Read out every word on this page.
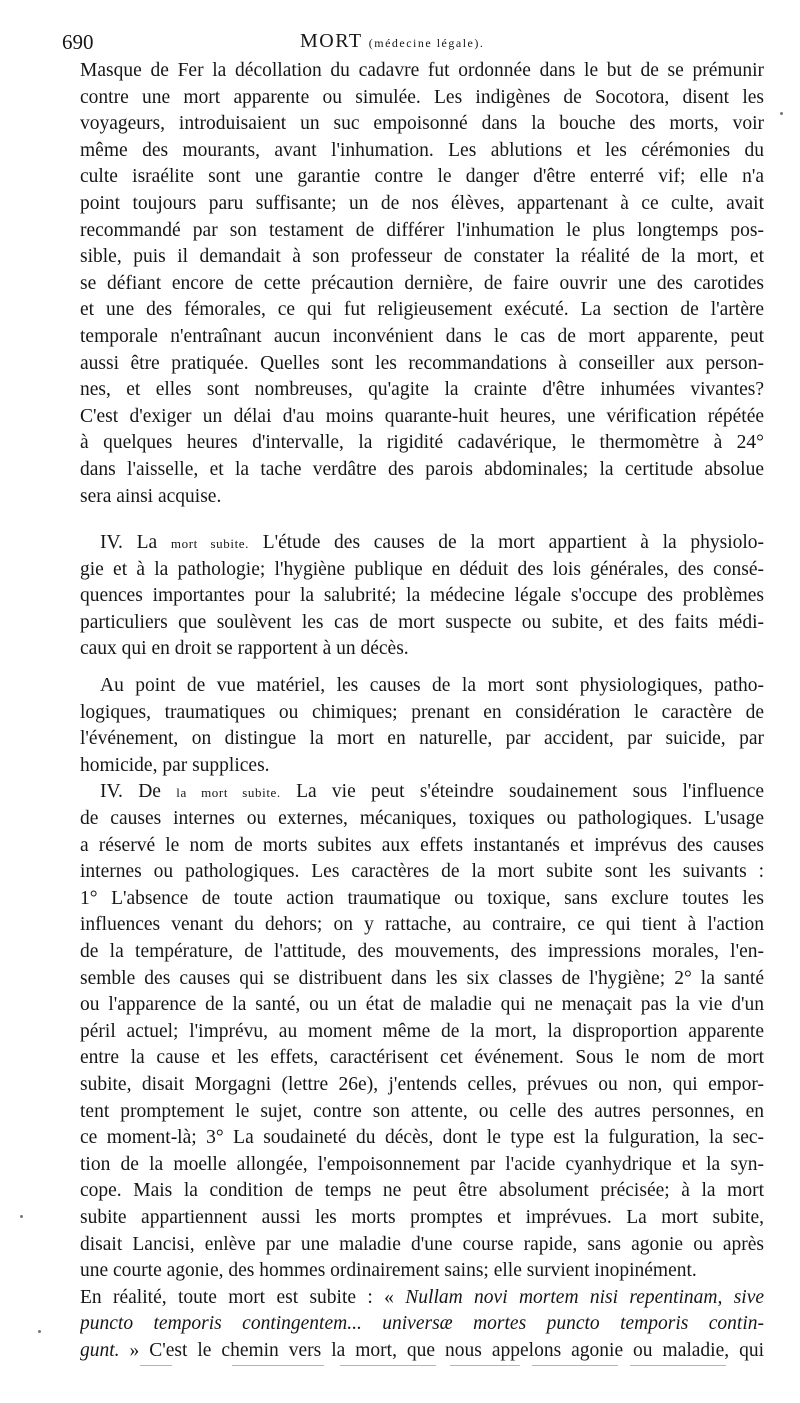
690	MORT (médecine légale).
Masque de Fer la décollation du cadavre fut ordonnée dans le but de se prémunir
contre une mort apparente ou simulée. Les indigènes de Socotora, disent les
voyageurs, introduisaient un suc empoisonné dans la bouche des morts, voir
même des mourants, avant l'inhumation. Les ablutions et les cérémonies du
culte israélite sont une garantie contre le danger d'être enterré vif; elle n'a
point toujours paru suffisante; un de nos élèves, appartenant à ce culte, avait
recommandé par son testament de différer l'inhumation le plus longtemps pos-
sible, puis il demandait à son professeur de constater la réalité de la mort, et
se défiant encore de cette précaution dernière, de faire ouvrir une des carotides
et une des fémorales, ce qui fut religieusement exécuté. La section de l'artère
temporale n'entraînant aucun inconvénient dans le cas de mort apparente, peut
aussi être pratiquée. Quelles sont les recommandations à conseiller aux person-
nes, et elles sont nombreuses, qu'agite la crainte d'être inhumées vivantes?
C'est d'exiger un délai d'au moins quarante-huit heures, une vérification répétée
à quelques heures d'intervalle, la rigidité cadavérique, le thermomètre à 24°
dans l'aisselle, et la tache verdâtre des parois abdominales; la certitude absolue
sera ainsi acquise.
IV. La mort subite. L'étude des causes de la mort appartient à la physiolo-
gie et à la pathologie; l'hygiène publique en déduit des lois générales, des consé-
quences importantes pour la salubrité; la médecine légale s'occupe des problèmes
particuliers que soulèvent les cas de mort suspecte ou subite, et des faits médi-
caux qui en droit se rapportent à un décès.
Au point de vue matériel, les causes de la mort sont physiologiques, patho-
logiques, traumatiques ou chimiques; prenant en considération le caractère de
l'événement, on distingue la mort en naturelle, par accident, par suicide, par
homicide, par supplices.
IV. De la mort subite. La vie peut s'éteindre soudainement sous l'influence
de causes internes ou externes, mécaniques, toxiques ou pathologiques. L'usage
a réservé le nom de morts subites aux effets instantanés et imprévus des causes
internes ou pathologiques. Les caractères de la mort subite sont les suivants :
1° L'absence de toute action traumatique ou toxique, sans exclure toutes les
influences venant du dehors; on y rattache, au contraire, ce qui tient à l'action
de la température, de l'attitude, des mouvements, des impressions morales, l'en-
semble des causes qui se distribuent dans les six classes de l'hygiène; 2° la santé
ou l'apparence de la santé, ou un état de maladie qui ne menaçait pas la vie d'un
péril actuel; l'imprévu, au moment même de la mort, la disproportion apparente
entre la cause et les effets, caractérisent cet événement. Sous le nom de mort
subite, disait Morgagni (lettre 26e), j'entends celles, prévues ou non, qui empor-
tent promptement le sujet, contre son attente, ou celle des autres personnes, en
ce moment-là; 3° La soudaineté du décès, dont le type est la fulguration, la sec-
tion de la moelle allongée, l'empoisonnement par l'acide cyanhydrique et la syn-
cope. Mais la condition de temps ne peut être absolument précisée; à la mort
subite appartiennent aussi les morts promptes et imprévues. La mort subite,
disait Lancisi, enlève par une maladie d'une course rapide, sans agonie ou après
une courte agonie, des hommes ordinairement sains; elle survient inopinément.
En réalité, toute mort est subite : « Nullam novi mortem nisi repentinam, sive
puncto temporis contingentem... universæ mortes puncto temporis contin-
gunt. » C'est le chemin vers la mort, que nous appelons agonie ou maladie, qui
